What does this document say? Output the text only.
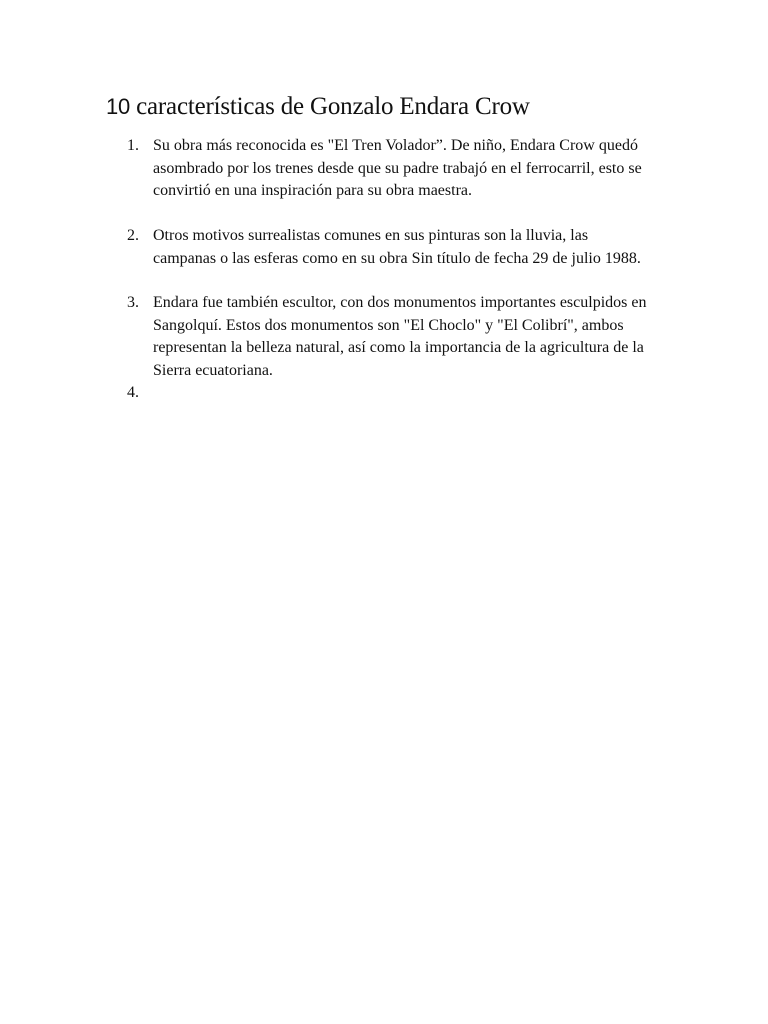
10 características de Gonzalo Endara Crow
1. Su obra más reconocida es "El Tren Volador”. De niño, Endara Crow quedó asombrado por los trenes desde que su padre trabajó en el ferrocarril, esto se convirtió en una inspiración para su obra maestra.
2. Otros motivos surrealistas comunes en sus pinturas son la lluvia, las campanas o las esferas como en su obra Sin título de fecha 29 de julio 1988.
3. Endara fue también escultor, con dos monumentos importantes esculpidos en Sangolquí. Estos dos monumentos son "El Choclo" y "El Colibrí", ambos representan la belleza natural, así como la importancia de la agricultura de la Sierra ecuatoriana.
4.
